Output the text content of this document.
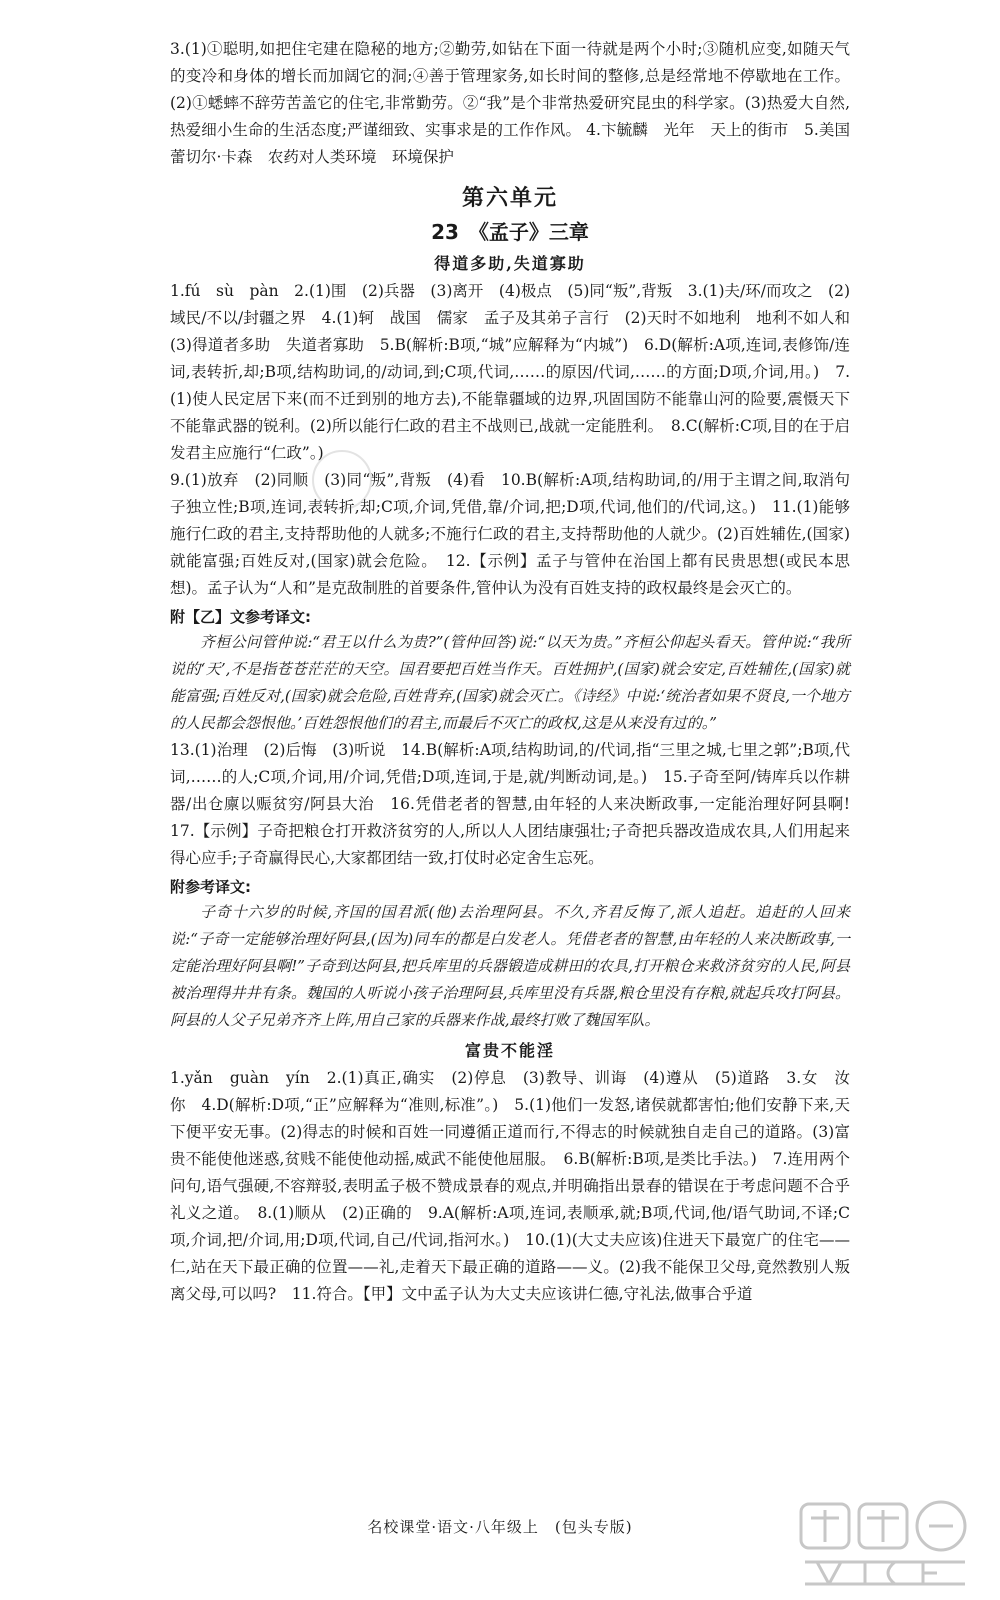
3.(1)①聪明,如把住宅建在隐秘的地方;②勤劳,如钻在下面一待就是两个小时;③随机应变,如随天气的变冷和身体的增长而加阔它的洞;④善于管理家务,如长时间的整修,总是经常地不停歇地在工作。(2)①蟋蟀不辞劳苦盖它的住宅,非常勤劳。②“我”是个非常热爱研究昆虫的科学家。(3)热爱大自然,热爱细小生命的生活态度;严谨细致、实事求是的工作作风。 4.卞毓麟　光年　天上的街市　5.美国　蕾切尔·卡森　农药对人类环境　环境保护

第六单元
23　《孟子》三章
得道多助,失道寡助

1.fú　sù　pàn　2.(1)围　(2)兵器　(3)离开　(4)极点　(5)同“叛”,背叛　3.(1)夫/环/而攻之　(2)域民/不以/封疆之界　4.(1)轲　战国　儒家　孟子及其弟子言行　(2)天时不如地利　地利不如人和　(3)得道者多助　失道者寡助　5.B(解析:B项,“城”应解释为“内城”)　6.D(解析:A项,连词,表修饰/连词,表转折,却;B项,结构助词,的/动词,到;C项,代词,……的原因/代词,……的方面;D项,介词,用。)　7.(1)使人民定居下来(而不迁到别的地方去),不能靠疆域的边界,巩固国防不能靠山河的险要,震慑天下不能靠武器的锐利。(2)所以能行仁政的君主不战则已,战就一定能胜利。　8.C(解析:C项,目的在于启发君主应施行“仁政”。)

9.(1)放弃　(2)同顺　(3)同“叛”,背叛　(4)看　10.B(解析:A项,结构助词,的/用于主谓之间,取消句子独立性;B项,连词,表转折,却;C项,介词,凭借,靠/介词,把;D项,代词,他们的/代词,这。)　11.(1)能够施行仁政的君主,支持帮助他的人就多;不施行仁政的君主,支持帮助他的人就少。(2)百姓辅佐,(国家)就能富强;百姓反对,(国家)就会危险。　12.【示例】孟子与管仲在治国上都有民贵思想(或民本思想)。孟子认为“人和”是克敌制胜的首要条件,管仲认为没有百姓支持的政权最终是会灭亡的。

附【乙】文参考译文:

齐桓公问管仲说:“君王以什么为贵?”(管仲回答)说:“以天为贵。”齐桓公仰起头看天。管仲说:“我所说的‘天’,不是指苍苍茫茫的天空。国君要把百姓当作天。百姓拥护,(国家)就会安定,百姓辅佐,(国家)就能富强;百姓反对,(国家)就会危险,百姓背弃,(国家)就会灭亡。《诗经》中说:‘统治者如果不贤良,一个地方的人民都会怨恨他。’百姓怨恨他们的君主,而最后不灭亡的政权,这是从来没有过的。”

13.(1)治理　(2)后悔　(3)听说　14.B(解析:A项,结构助词,的/代词,指“三里之城,七里之郭”;B项,代词,……的人;C项,介词,用/介词,凭借;D项,连词,于是,就/判断动词,是。)　15.子奇至阿/铸库兵以作耕器/出仓廪以赈贫穷/阿县大治　16.凭借老者的智慧,由年轻的人来决断政事,一定能治理好阿县啊!　17.【示例】子奇把粮仓打开救济贫穷的人,所以人人团结康强壮;子奇把兵器改造成农具,人们用起来得心应手;子奇赢得民心,大家都团结一致,打仗时必定舍生忘死。

附参考译文:

子奇十六岁的时候,齐国的国君派(他)去治理阿县。不久,齐君反悔了,派人追赶。追赶的人回来说:“子奇一定能够治理好阿县,(因为)同车的都是白发老人。凭借老者的智慧,由年轻的人来决断政事,一定能治理好阿县啊!”子奇到达阿县,把兵库里的兵器锻造成耕田的农具,打开粮仓来救济贫穷的人民,阿县被治理得井井有条。魏国的人听说小孩子治理阿县,兵库里没有兵器,粮仓里没有存粮,就起兵攻打阿县。阿县的人父子兄弟齐齐上阵,用自己家的兵器来作战,最终打败了魏国军队。

富贵不能淫

1.yǎn　guàn　yín　2.(1)真正,确实　(2)停息　(3)教导、训诲　(4)遵从　(5)道路　3.女　汝　你　4.D(解析:D项,“正”应解释为“准则,标准”。)　5.(1)他们一发怒,诸侯就都害怕;他们安静下来,天下便平安无事。(2)得志的时候和百姓一同遵循正道而行,不得志的时候就独自走自己的道路。(3)富贵不能使他迷惑,贫贱不能使他动摇,威武不能使他屈服。　6.B(解析:B项,是类比手法。)　7.连用两个问句,语气强硬,不容辩驳,表明孟子极不赞成景春的观点,并明确指出景春的错误在于考虑问题不合乎礼义之道。　8.(1)顺从　(2)正确的　9.A(解析:A项,连词,表顺承,就;B项,代词,他/语气助词,不译;C项,介词,把/介词,用;D项,代词,自己/代词,指河水。)　10.(1)(大丈夫应该)住进天下最宽广的住宅——仁,站在天下最正确的位置——礼,走着天下最正确的道路——义。(2)我不能保卫父母,竟然教别人叛离父母,可以吗?　11.符合。【甲】文中孟子认为大丈夫应该讲仁德,守礼法,做事合乎道

名校课堂·语文·八年级上　(包头专版)
